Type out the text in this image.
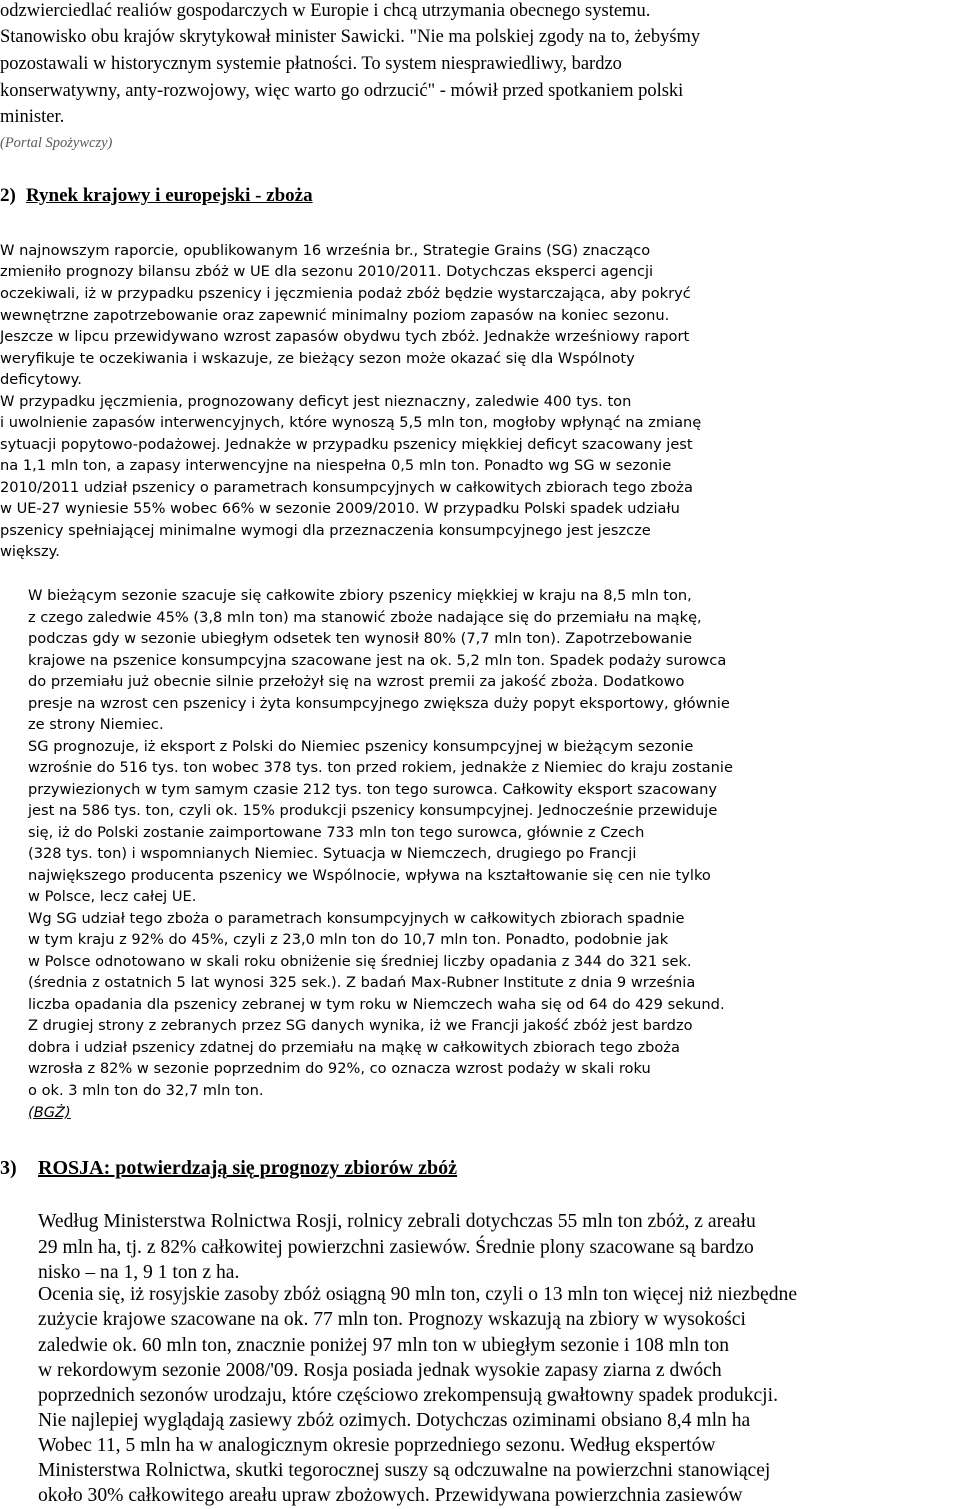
odzwierciedlać realiów gospodarczych w Europie i chcą utrzymania obecnego systemu.

Stanowisko obu krajów skrytykował minister Sawicki. "Nie ma polskiej zgody na to, żebyśmy

pozostawali w historycznym systemie płatności. To system niesprawiedliwy, bardzo

konserwatywny, anty-rozwojowy, więc warto go odrzucić" - mówił przed spotkaniem polski

minister.

(Portal Spożywczy)

2) Rynek krajowy i europejski - zboża

W najnowszym raporcie, opublikowanym 16 września br., Strategie Grains (SG) znacząco

zmieniło prognozy bilansu zbóż w UE dla sezonu 2010/2011. Dotychczas eksperci agencji

oczekiwali, iż w przypadku pszenicy i jęczmienia podaż zbóż będzie wystarczająca, aby pokryć

wewnętrzne zapotrzebowanie oraz zapewnić minimalny poziom zapasów na koniec sezonu.

Jeszcze w lipcu przewidywano wzrost zapasów obydwu tych zbóż. Jednakże wrześniowy raport

weryfikuje te oczekiwania i wskazuje, ze bieżący sezon może okazać się dla Wspólnoty

deficytowy.

W przypadku jęczmienia, prognozowany deficyt jest nieznaczny, zaledwie 400 tys. ton

i uwolnienie zapasów interwencyjnych, które wynoszą 5,5 mln ton, mogłoby wpłynąć na zmianę

sytuacji popytowo-podażowej. Jednakże w przypadku pszenicy miękkiej deficyt szacowany jest

na 1,1 mln ton, a zapasy interwencyjne na niespełna 0,5 mln ton. Ponadto wg SG w sezonie

2010/2011 udział pszenicy o parametrach konsumpcyjnych w całkowitych zbiorach tego zboża

w UE-27 wyniesie 55% wobec 66% w sezonie 2009/2010. W przypadku Polski spadek udziału

pszenicy spełniającej minimalne wymogi dla przeznaczenia konsumpcyjnego jest jeszcze

większy.

W bieżącym sezonie szacuje się całkowite zbiory pszenicy miękkiej w kraju na 8,5 mln ton,

z czego zaledwie 45% (3,8 mln ton) ma stanowić zboże nadające się do przemiału na mąkę,

podczas gdy w sezonie ubiegłym odsetek ten wynosił 80% (7,7 mln ton). Zapotrzebowanie

krajowe na pszenice konsumpcyjna szacowane jest na ok. 5,2 mln ton. Spadek podaży surowca

do przemiału już obecnie silnie przełożył się na wzrost premii za jakość zboża. Dodatkowo

presje na wzrost cen pszenicy i żyta konsumpcyjnego zwiększa duży popyt eksportowy, głównie

ze strony Niemiec.

SG prognozuje, iż eksport z Polski do Niemiec pszenicy konsumpcyjnej w bieżącym sezonie

wzrośnie do 516 tys. ton wobec 378 tys. ton przed rokiem, jednakże z Niemiec do kraju zostanie

przywiezionych w tym samym czasie 212 tys. ton tego surowca. Całkowity eksport szacowany

jest na 586 tys. ton, czyli ok. 15% produkcji pszenicy konsumpcyjnej. Jednocześnie przewiduje

się, iż do Polski zostanie zaimportowane 733 mln ton tego surowca, głównie z Czech

(328 tys. ton) i wspomnianych Niemiec. Sytuacja w Niemczech, drugiego po Francji

największego producenta pszenicy we Wspólnocie, wpływa na kształtowanie się cen nie tylko

w Polsce, lecz całej UE.

Wg SG udział tego zboża o parametrach konsumpcyjnych w całkowitych zbiorach spadnie

w tym kraju z 92% do 45%, czyli z 23,0 mln ton do 10,7 mln ton. Ponadto, podobnie jak

w Polsce odnotowano w skali roku obniżenie się średniej liczby opadania z 344 do 321 sek.

(średnia z ostatnich 5 lat wynosi 325 sek.). Z badań Max-Rubner Institute z dnia 9 września

liczba opadania dla pszenicy zebranej w tym roku w Niemczech waha się od 64 do 429 sekund.

Z drugiej strony z zebranych przez SG danych wynika, iż we Francji jakość zbóż jest bardzo

dobra i udział pszenicy zdatnej do przemiału na mąkę w całkowitych zbiorach tego zboża

wzrosła z 82% w sezonie poprzednim do 92%, co oznacza wzrost podaży w skali roku

o ok. 3 mln ton do 32,7 mln ton.

(BGŻ)

3) ROSJA: potwierdzają się prognozy zbiorów zbóż

Według Ministerstwa Rolnictwa Rosji, rolnicy zebrali dotychczas 55 mln ton zbóż, z areału

29 mln ha, tj. z 82% całkowitej powierzchni zasiewów. Średnie plony szacowane są bardzo

nisko – na 1, 9 1 ton z ha.

Ocenia się, iż rosyjskie zasoby zbóż osiągną 90 mln ton, czyli o 13 mln ton więcej niż niezbędne

zużycie krajowe szacowane na ok. 77 mln ton. Prognozy wskazują na zbiory w wysokości

zaledwie ok. 60 mln ton, znacznie poniżej 97 mln ton w ubiegłym sezonie i 108 mln ton

w rekordowym sezonie 2008/'09. Rosja posiada jednak wysokie zapasy ziarna z dwóch

poprzednich sezonów urodzaju, które częściowo zrekompensują gwałtowny spadek produkcji.

Nie najlepiej wyglądają zasiewy zbóż ozimych. Dotychczas oziminami obsiano 8,4 mln ha

Wobec 11, 5 mln ha w analogicznym okresie poprzedniego sezonu. Według ekspertów

Ministerstwa Rolnictwa, skutki tegorocznej suszy są odczuwalne na powierzchni stanowiącej

około 30% całkowitego areału upraw zbożowych. Przewidywana powierzchnia zasiewów
